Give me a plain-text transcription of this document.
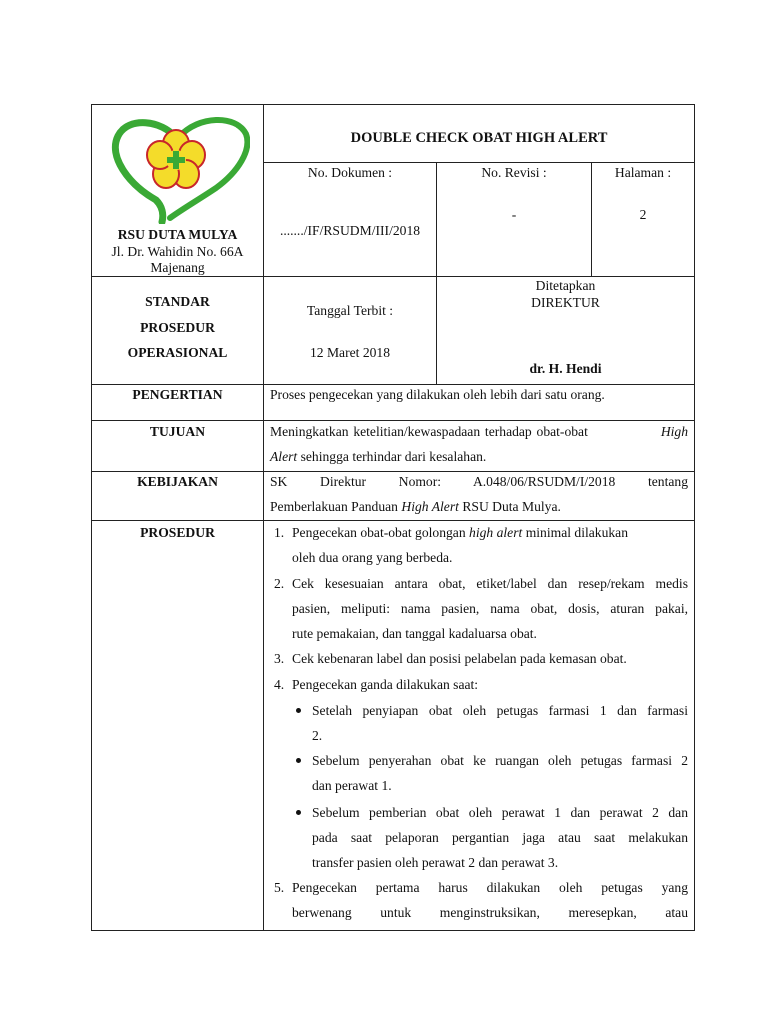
RSU DUTA MULYA
Jl. Dr. Wahidin No. 66A
Majenang
DOUBLE CHECK OBAT HIGH ALERT
No. Dokumen :
......./IF/RSUDM/III/2018
No. Revisi :
-
Halaman :
2
STANDAR
PROSEDUR
OPERASIONAL
Tanggal Terbit :
12 Maret 2018
Ditetapkan
DIREKTUR
dr. H. Hendi
PENGERTIAN	Proses pengecekan yang dilakukan oleh lebih dari satu orang.
TUJUAN	Meningkatkan ketelitian/kewaspadaan terhadap obat-obat	High
Alert sehingga terhindar dari kesalahan.
KEBIJAKAN	SK Direktur Nomor: A.048/06/RSUDM/I/2018 tentang
Pemberlakuan Panduan High Alert RSU Duta Mulya.
PROSEDUR	1. Pengecekan obat-obat golongan high alert minimal dilakukan
oleh dua orang yang berbeda.
2. Cek kesesuaian antara obat, etiket/label dan resep/rekam medis
pasien, meliputi: nama pasien, nama obat, dosis, aturan pakai,
rute pemakaian, dan tanggal kadaluarsa obat.
3. Cek kebenaran label dan posisi pelabelan pada kemasan obat.
4. Pengecekan ganda dilakukan saat:
Setelah penyiapan obat oleh petugas farmasi 1 dan farmasi
2.
Sebelum penyerahan obat ke ruangan oleh petugas farmasi 2
dan perawat 1.
Sebelum pemberian obat oleh perawat 1 dan perawat 2 dan
pada saat pelaporan pergantian jaga atau saat melakukan
transfer pasien oleh perawat 2 dan perawat 3.
5. Pengecekan pertama harus dilakukan oleh petugas yang
berwenang untuk menginstruksikan, meresepkan, atau
